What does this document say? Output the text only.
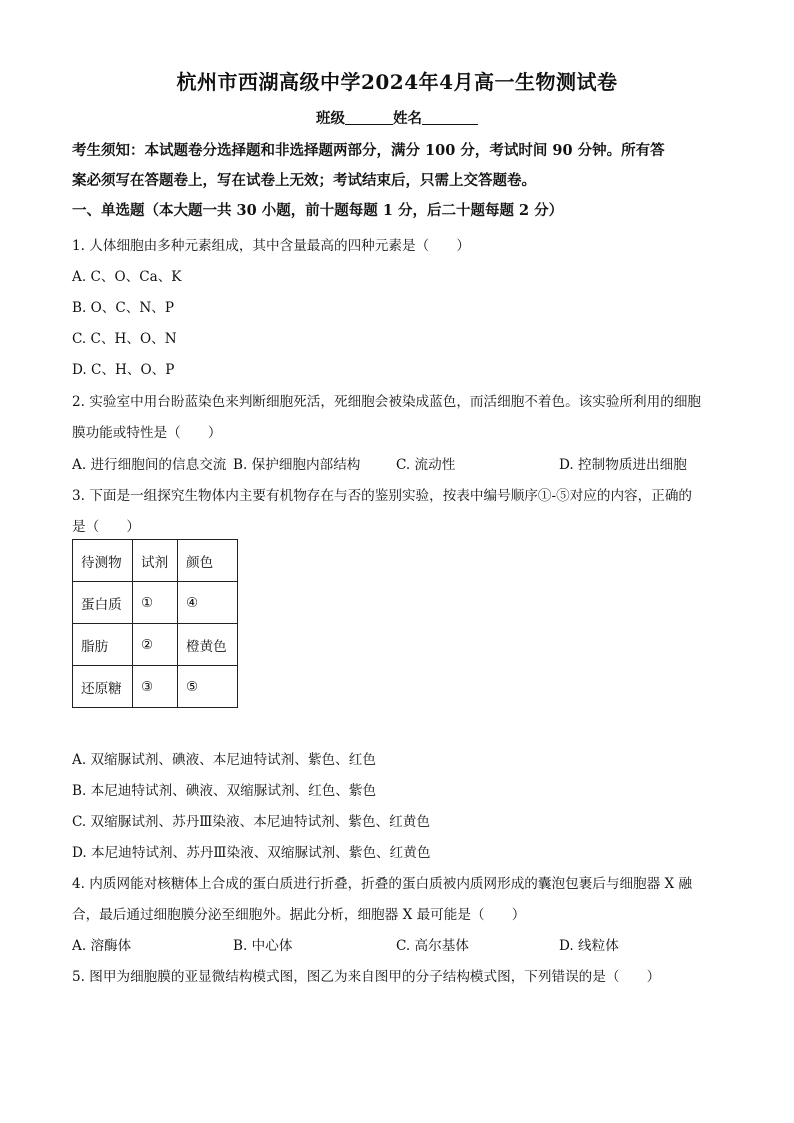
杭州市西湖高级中学2024年4月高一生物测试卷
班级	姓名
考生须知：本试题卷分选择题和非选择题两部分，满分 100 分，考试时间 90 分钟。所有答
案必须写在答题卷上，写在试卷上无效；考试结束后，只需上交答题卷。
一、单选题（本大题一共 30 小题，前十题每题 1 分，后二十题每题 2 分）
1. 人体细胞由多种元素组成，其中含量最高的四种元素是（　　）
A. C、O、Ca、K
B. O、C、N、P
C. C、H、O、N
D. C、H、O、P
2. 实验室中用台盼蓝染色来判断细胞死活，死细胞会被染成蓝色，而活细胞不着色。该实验所利用的细胞
膜功能或特性是（　　）
A. 进行细胞间的信息交流 B. 保护细胞内部结构	C. 流动性	D. 控制物质进出细胞
3. 下面是一组探究生物体内主要有机物存在与否的鉴别实验，按表中编号顺序①-⑤对应的内容，正确的
是（　　）
待测物	试剂	颜色
蛋白质	①	④
脂肪	②	橙黄色
还原糖	③	⑤
A. 双缩脲试剂、碘液、本尼迪特试剂、紫色、红色
B. 本尼迪特试剂、碘液、双缩脲试剂、红色、紫色
C. 双缩脲试剂、苏丹Ⅲ染液、本尼迪特试剂、紫色、红黄色
D. 本尼迪特试剂、苏丹Ⅲ染液、双缩脲试剂、紫色、红黄色
4. 内质网能对核糖体上合成的蛋白质进行折叠，折叠的蛋白质被内质网形成的囊泡包裹后与细胞器 X 融
合，最后通过细胞膜分泌至细胞外。据此分析，细胞器 X 最可能是（　　）
A. 溶酶体	B. 中心体	C. 高尔基体	D. 线粒体
5. 图甲为细胞膜的亚显微结构模式图，图乙为来自图甲的分子结构模式图，下列错误的是（　　）
